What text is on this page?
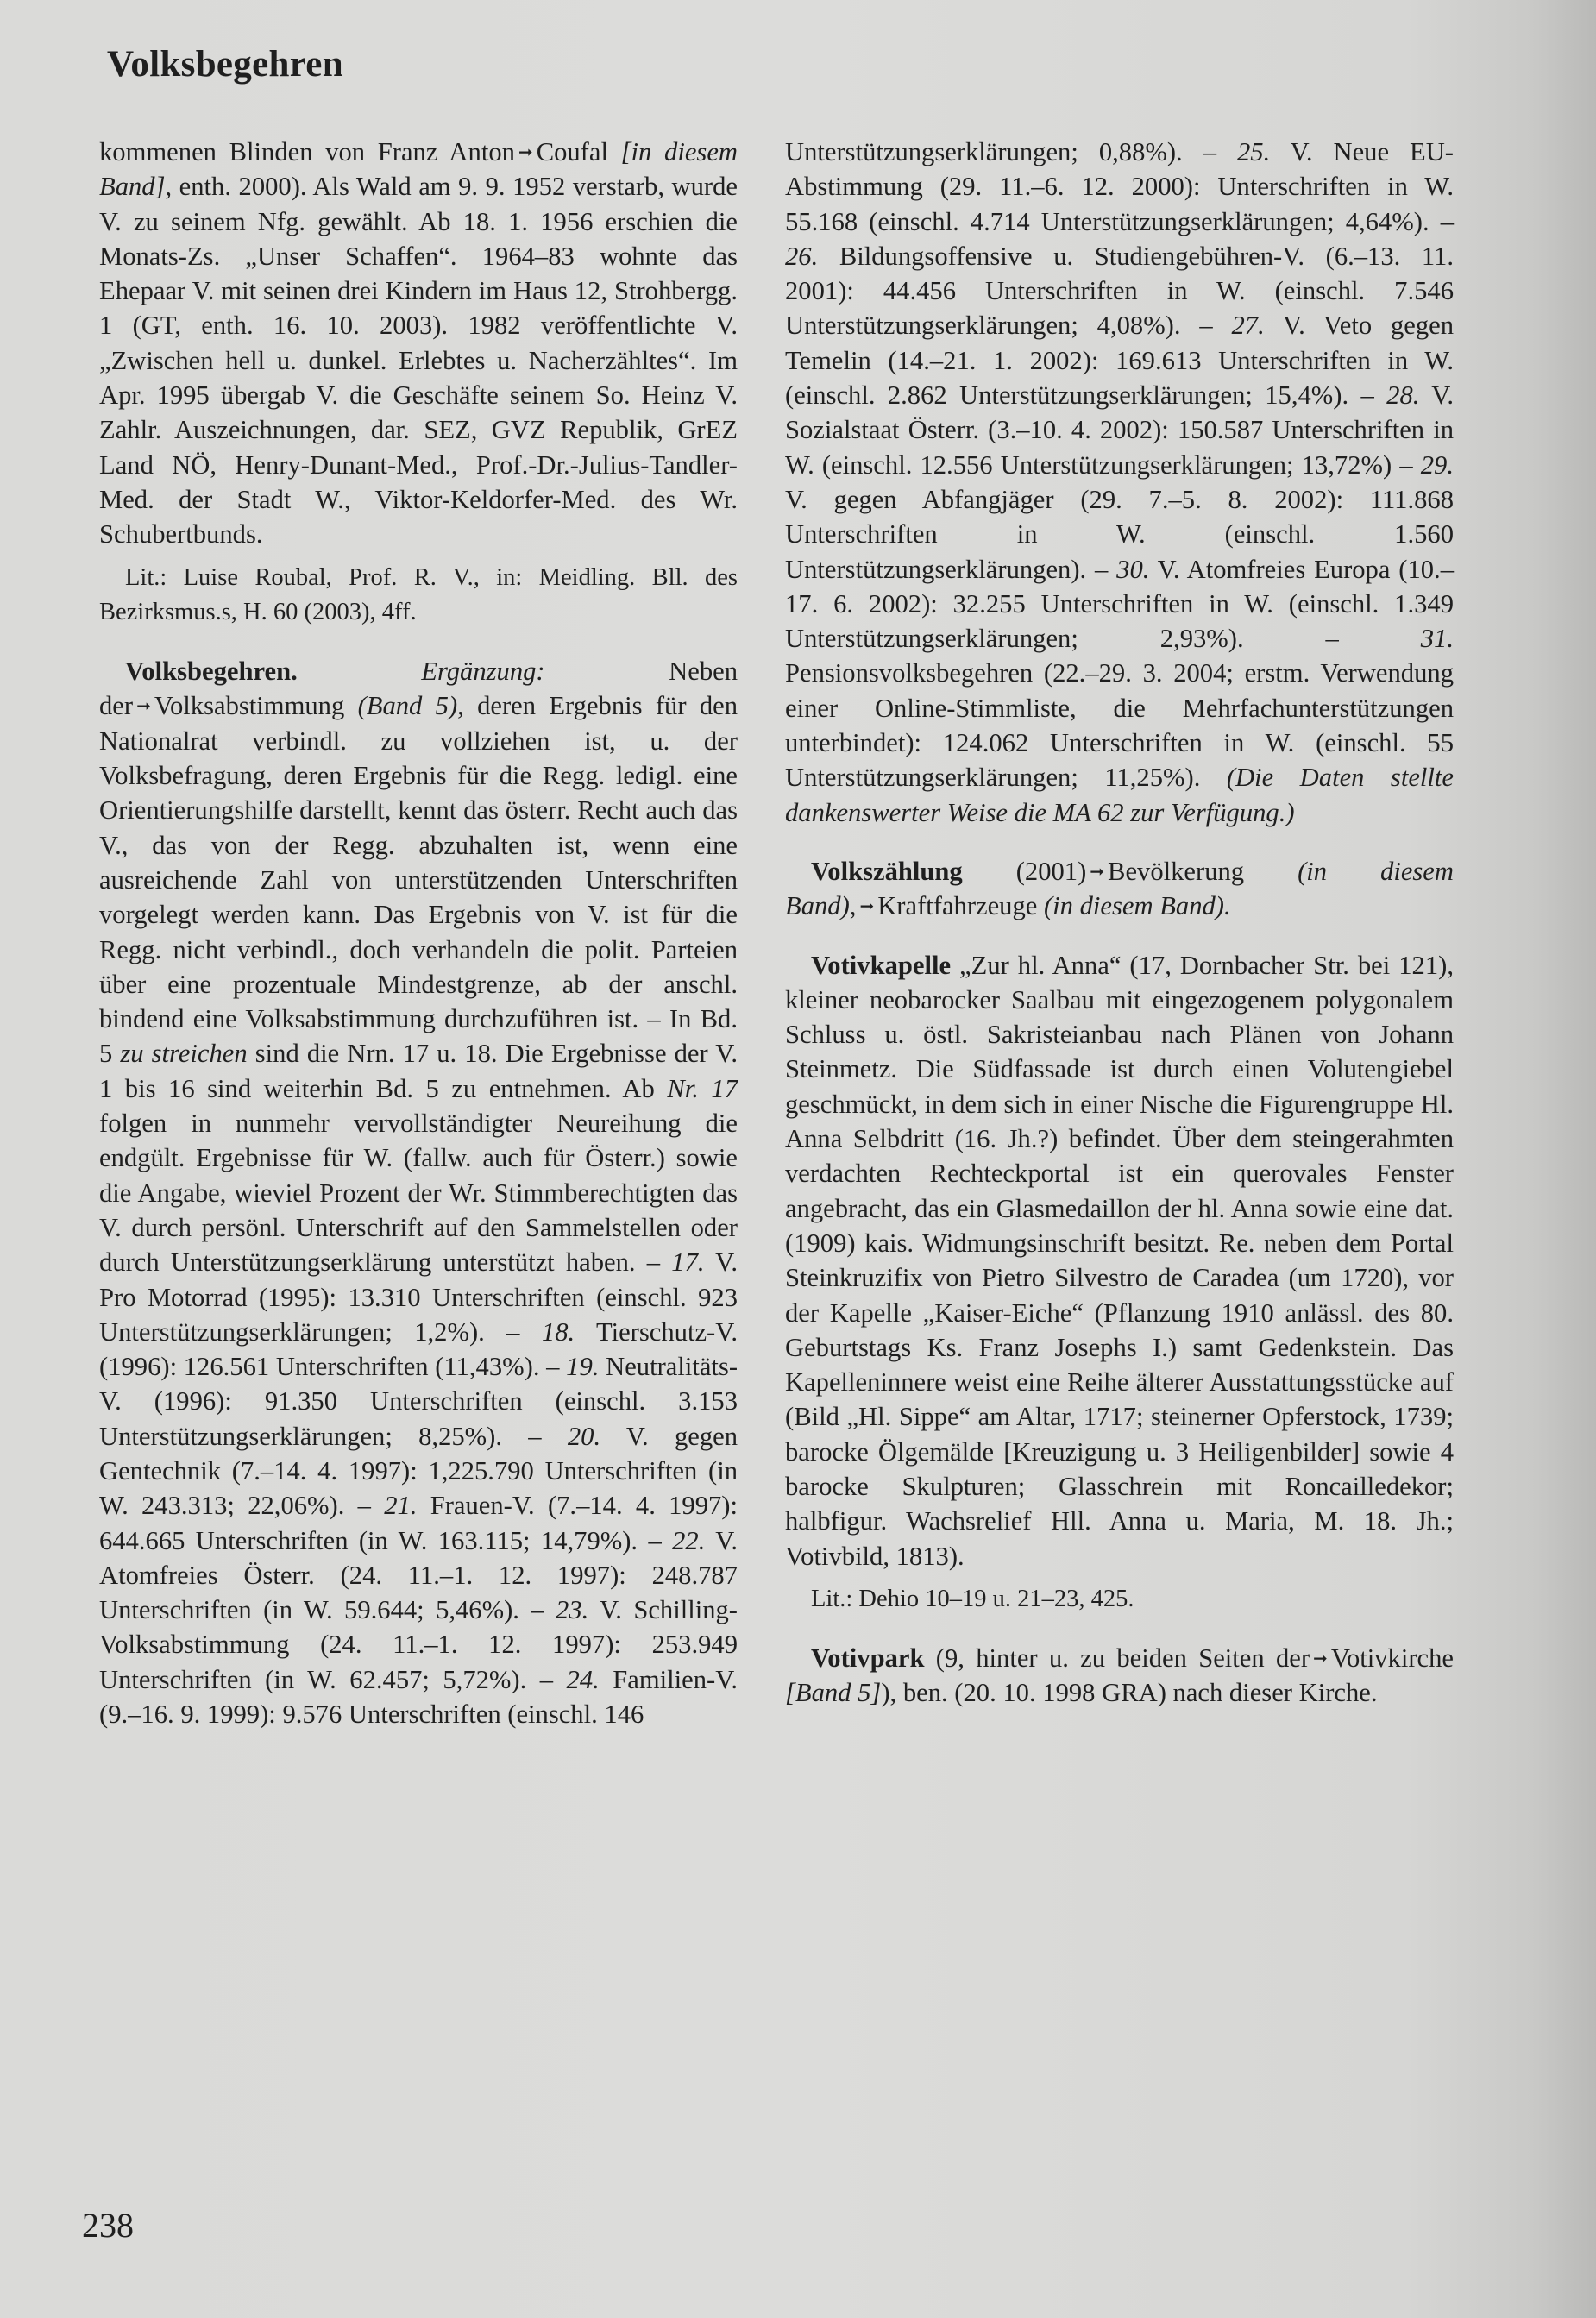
Volksbegehren

kommenen Blinden von Franz Anton ➞ Coufal [in diesem Band], enth. 2000). Als Wald am 9. 9. 1952 verstarb, wurde V. zu seinem Nfg. gewählt. Ab 18. 1. 1956 erschien die Monats-Zs. „Unser Schaffen“. 1964–83 wohnte das Ehepaar V. mit seinen drei Kindern im Haus 12, Strohbergg. 1 (GT, enth. 16. 10. 2003). 1982 veröffentlichte V. „Zwischen hell u. dunkel. Erlebtes u. Nacherzähltes“. Im Apr. 1995 übergab V. die Geschäfte seinem So. Heinz V. Zahlr. Auszeichnungen, dar. SEZ, GVZ Republik, GrEZ Land NÖ, Henry-Dunant-Med., Prof.-Dr.-Julius-Tandler-Med. der Stadt W., Viktor-Keldorfer-Med. des Wr. Schubertbunds.

Lit.: Luise Roubal, Prof. R. V., in: Meidling. Bll. des Bezirksmus.s, H. 60 (2003), 4ff.

Volksbegehren.	Ergänzung: Neben der ➞ Volksabstimmung (Band 5), deren Ergebnis für den Nationalrat verbindl. zu vollziehen ist, u. der Volksbefragung, deren Ergebnis für die Regg. ledigl. eine Orientierungshilfe darstellt, kennt das österr. Recht auch das V., das von der Regg. abzuhalten ist, wenn eine ausreichende Zahl von unterstützenden Unterschriften vorgelegt werden kann. Das Ergebnis von V. ist für die Regg. nicht verbindl., doch verhandeln die polit. Parteien über eine prozentuale Mindestgrenze, ab der anschl. bindend eine Volksabstimmung durchzuführen ist. – In Bd. 5 zu streichen sind die Nrn. 17 u. 18. Die Ergebnisse der V. 1 bis 16 sind weiterhin Bd. 5 zu entnehmen. Ab Nr. 17 folgen in nunmehr vervollständigter Neureihung die endgült. Ergebnisse für W. (fallw. auch für Österr.) sowie die Angabe, wieviel Prozent der Wr. Stimmberechtigten das V. durch persönl. Unterschrift auf den Sammelstellen oder durch Unterstützungserklärung unterstützt haben. – 17. V. Pro Motorrad (1995): 13.310 Unterschriften (einschl. 923 Unterstützungserklärungen; 1,2%). – 18. Tierschutz-V. (1996): 126.561 Unterschriften (11,43%). – 19. Neutralitäts-V. (1996): 91.350 Unterschriften (einschl. 3.153 Unterstützungserklärungen; 8,25%). – 20. V. gegen Gentechnik (7.–14. 4. 1997): 1,225.790 Unterschriften (in W. 243.313; 22,06%). – 21. Frauen-V. (7.–14. 4. 1997): 644.665 Unterschriften (in W. 163.115; 14,79%). – 22. V. Atomfreies Österr. (24. 11.–1. 12. 1997): 248.787 Unterschriften (in W. 59.644; 5,46%). – 23. V. Schilling-Volksabstimmung (24. 11.–1. 12. 1997): 253.949 Unterschriften (in W. 62.457; 5,72%). – 24. Familien-V. (9.–16. 9. 1999): 9.576 Unterschriften (einschl. 146

Unterstützungserklärungen; 0,88%). – 25. V. Neue EU-Abstimmung (29. 11.–6. 12. 2000): Unterschriften in W. 55.168 (einschl. 4.714 Unterstützungserklärungen; 4,64%). – 26. Bildungsoffensive u. Studiengebühren-V. (6.–13. 11. 2001): 44.456 Unterschriften in W. (einschl. 7.546 Unterstützungserklärungen; 4,08%). – 27. V. Veto gegen Temelin (14.–21. 1. 2002): 169.613 Unterschriften in W. (einschl. 2.862 Unterstützungserklärungen; 15,4%). – 28. V. Sozialstaat Österr. (3.–10. 4. 2002): 150.587 Unterschriften in W. (einschl. 12.556 Unterstützungserklärungen; 13,72%) – 29. V. gegen Abfangjäger (29. 7.–5. 8. 2002): 111.868 Unterschriften in W. (einschl. 1.560 Unterstützungserklärungen). – 30. V. Atomfreies Europa (10.–17. 6. 2002): 32.255 Unterschriften in W. (einschl. 1.349 Unterstützungserklärungen; 2,93%). – 31. Pensionsvolksbegehren (22.–29. 3. 2004; erstm. Verwendung einer Online-Stimmliste, die Mehrfachunterstützungen unterbindet): 124.062 Unterschriften in W. (einschl. 55 Unterstützungserklärungen; 11,25%). (Die Daten stellte dankenswerter Weise die MA 62 zur Verfügung.)

Volkszählung (2001) ➞ Bevölkerung (in diesem Band), ➞ Kraftfahrzeuge (in diesem Band).

Votivkapelle „Zur hl. Anna“ (17, Dornbacher Str. bei 121), kleiner neobarocker Saalbau mit eingezogenem polygonalem Schluss u. östl. Sakristeianbau nach Plänen von Johann Steinmetz. Die Südfassade ist durch einen Volutengiebel geschmückt, in dem sich in einer Nische die Figurengruppe Hl. Anna Selbdritt (16. Jh.?) befindet. Über dem steingerahmten verdachten Rechteckportal ist ein querovales Fenster angebracht, das ein Glasmedaillon der hl. Anna sowie eine dat. (1909) kais. Widmungsinschrift besitzt. Re. neben dem Portal Steinkruzifix von Pietro Silvestro de Caradea (um 1720), vor der Kapelle „Kaiser-Eiche“ (Pflanzung 1910 anlässl. des 80. Geburtstags Ks. Franz Josephs I.) samt Gedenkstein. Das Kapelleninnere weist eine Reihe älterer Ausstattungsstücke auf (Bild „Hl. Sippe“ am Altar, 1717; steinerner Opferstock, 1739; barocke Ölgemälde [Kreuzigung u. 3 Heiligenbilder] sowie 4 barocke Skulpturen; Glasschrein mit Roncailledekor; halbfigur. Wachsrelief Hll. Anna u. Maria, M. 18. Jh.; Votivbild, 1813).

Lit.: Dehio 10–19 u. 21–23, 425.

Votivpark (9, hinter u. zu beiden Seiten der ➞ Votivkirche [Band 5]), ben. (20. 10. 1998 GRA) nach dieser Kirche.

238
